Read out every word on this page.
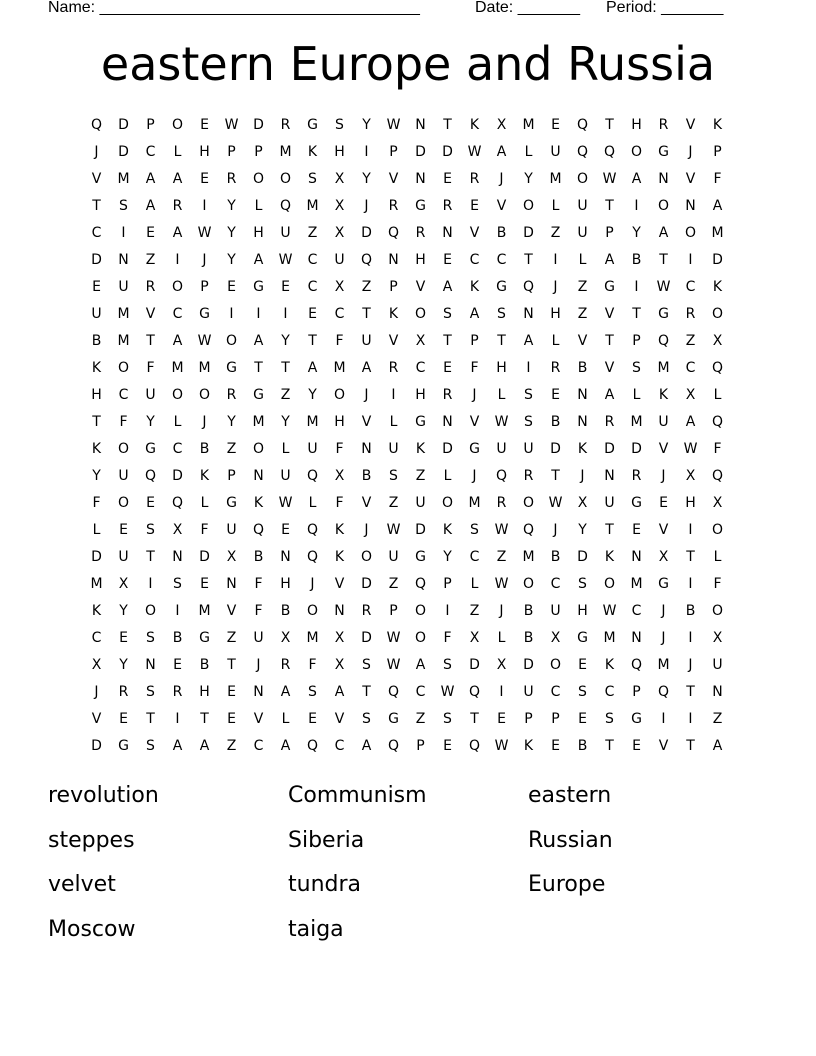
Name: ____________________________________	Date: _______ Period: _______
eastern Europe and Russia
Q	D	P	O	E	W	D	R	G	S	Y	W	N	T	K	X	M	E	Q	T	H	R	V	K
J	D	C	L	H	P	P	M	K	H	I	P	D	D	W	A	L	U	Q	Q	O	G	J	P
V	M	A	A	E	R	O	O	S	X	Y	V	N	E	R	J	Y	M	O	W	A	N	V	F
T	S	A	R	I	Y	L	Q	M	X	J	R	G	R	E	V	O	L	U	T	I	O	N	A
C	I	E	A	W	Y	H	U	Z	X	D	Q	R	N	V	B	D	Z	U	P	Y	A	O	M
D	N	Z	I	J	Y	A	W	C	U	Q	N	H	E	C	C	T	I	L	A	B	T	I	D
E	U	R	O	P	E	G	E	C	X	Z	P	V	A	K	G	Q	J	Z	G	I	W	C	K
U	M	V	C	G	I	I	I	E	C	T	K	O	S	A	S	N	H	Z	V	T	G	R	O
B	M	T	A	W	O	A	Y	T	F	U	V	X	T	P	T	A	L	V	T	P	Q	Z	X
K	O	F	M	M	G	T	T	A	M	A	R	C	E	F	H	I	R	B	V	S	M	C	Q
H	C	U	O	O	R	G	Z	Y	O	J	I	H	R	J	L	S	E	N	A	L	K	X	L
T	F	Y	L	J	Y	M	Y	M	H	V	L	G	N	V	W	S	B	N	R	M	U	A	Q
K	O	G	C	B	Z	O	L	U	F	N	U	K	D	G	U	U	D	K	D	D	V	W	F
Y	U	Q	D	K	P	N	U	Q	X	B	S	Z	L	J	Q	R	T	J	N	R	J	X	Q
F	O	E	Q	L	G	K	W	L	F	V	Z	U	O	M	R	O	W	X	U	G	E	H	X
L	E	S	X	F	U	Q	E	Q	K	J	W	D	K	S	W	Q	J	Y	T	E	V	I	O
D	U	T	N	D	X	B	N	Q	K	O	U	G	Y	C	Z	M	B	D	K	N	X	T	L
M	X	I	S	E	N	F	H	J	V	D	Z	Q	P	L	W	O	C	S	O	M	G	I	F
K	Y	O	I	M	V	F	B	O	N	R	P	O	I	Z	J	B	U	H	W	C	J	B	O
C	E	S	B	G	Z	U	X	M	X	D	W	O	F	X	L	B	X	G	M	N	J	I	X
X	Y	N	E	B	T	J	R	F	X	S	W	A	S	D	X	D	O	E	K	Q	M	J	U
J	R	S	R	H	E	N	A	S	A	T	Q	C	W	Q	I	U	C	S	C	P	Q	T	N
V	E	T	I	T	E	V	L	E	V	S	G	Z	S	T	E	P	P	E	S	G	I	I	Z
D	G	S	A	A	Z	C	A	Q	C	A	Q	P	E	Q	W	K	E	B	T	E	V	T	A
revolution	Communism	eastern
steppes	Siberia	Russian
velvet	tundra	Europe
Moscow	taiga
